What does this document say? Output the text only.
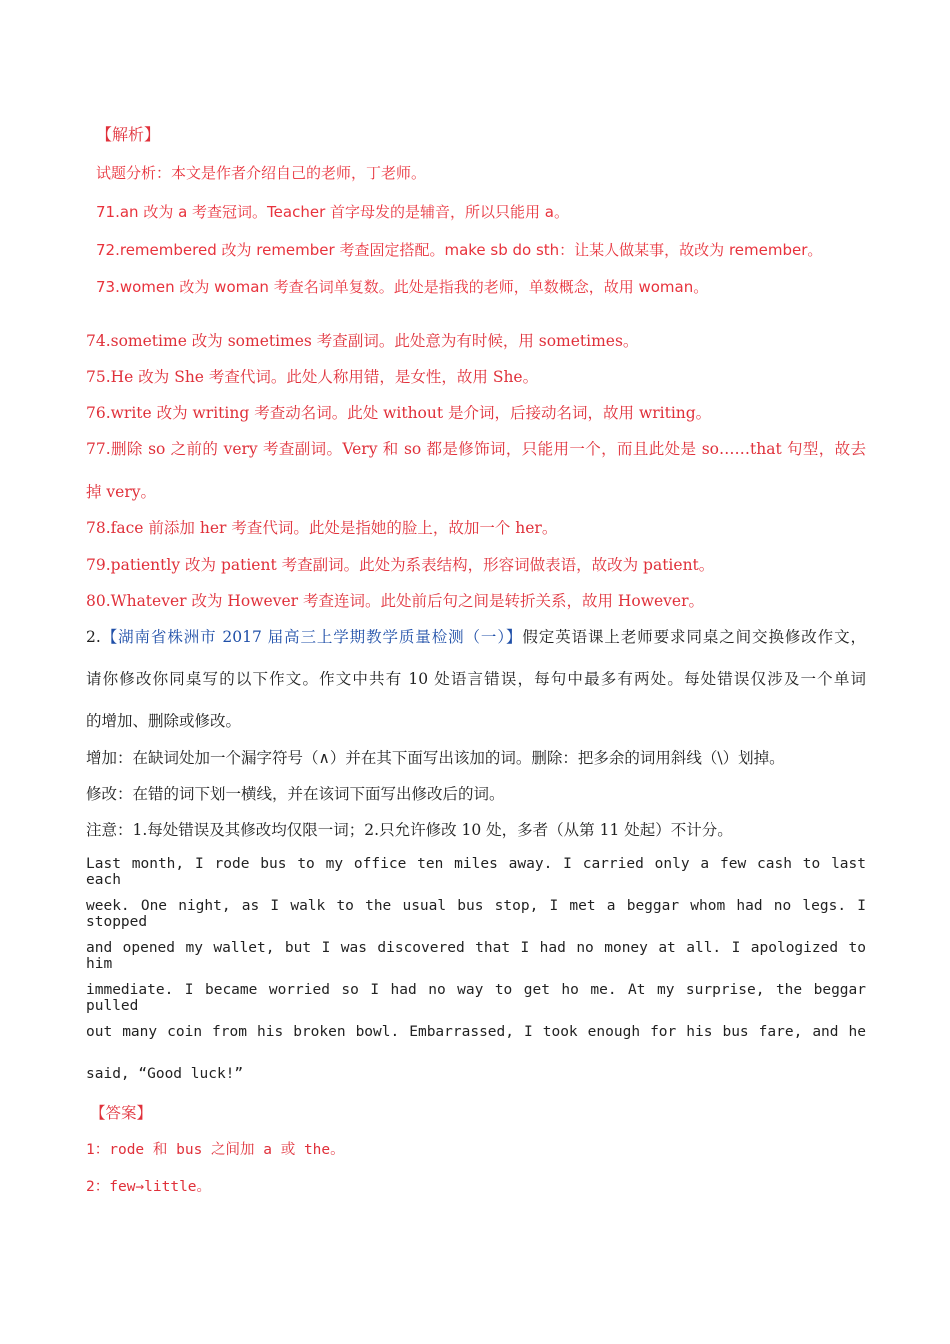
【解析】
试题分析：本文是作者介绍自己的老师，丁老师。
71.an 改为 a 考查冠词。Teacher 首字母发的是辅音，所以只能用 a。
72.remembered 改为 remember 考查固定搭配。make sb do sth：让某人做某事，故改为 remember。
73.women 改为 woman 考查名词单复数。此处是指我的老师，单数概念，故用 woman。
74.sometime 改为 sometimes 考查副词。此处意为有时候，用 sometimes。
75.He 改为 She 考查代词。此处人称用错，是女性，故用 She。
76.write 改为 writing 考查动名词。此处 without 是介词，后接动名词，故用 writing。
77.删除 so 之前的 very 考查副词。Very 和 so 都是修饰词，只能用一个，而且此处是 so……that 句型，故去
掉 very。
78.face 前添加 her 考查代词。此处是指她的脸上，故加一个 her。
79.patiently 改为 patient 考查副词。此处为系表结构，形容词做表语，故改为 patient。
80.Whatever 改为 However 考查连词。此处前后句之间是转折关系，故用 However。
2.【湖南省株洲市 2017 届高三上学期教学质量检测（一）】假定英语课上老师要求同桌之间交换修改作文，
请你修改你同桌写的以下作文。作文中共有 10 处语言错误，每句中最多有两处。每处错误仅涉及一个单词
的增加、删除或修改。
增加：在缺词处加一个漏字符号（∧）并在其下面写出该加的词。删除：把多余的词用斜线（\）划掉。
修改：在错的词下划一横线，并在该词下面写出修改后的词。
注意：1.每处错误及其修改均仅限一词；2.只允许修改 10 处，多者（从第 11 处起）不计分。
Last month, I rode bus to my office ten miles away. I carried only a few cash to last each
week. One night, as I walk to the usual bus stop, I met a beggar whom had no legs. I stopped
and opened my wallet, but I was discovered that I had no money at all. I apologized to him
immediate. I became worried so I had no way to get ho me. At my surprise, the beggar pulled
out many coin from his broken bowl. Embarrassed, I took enough for his bus fare, and he
said, “Good luck!”
【答案】
1：rode 和 bus 之间加 a 或 the。
2：few→little。
